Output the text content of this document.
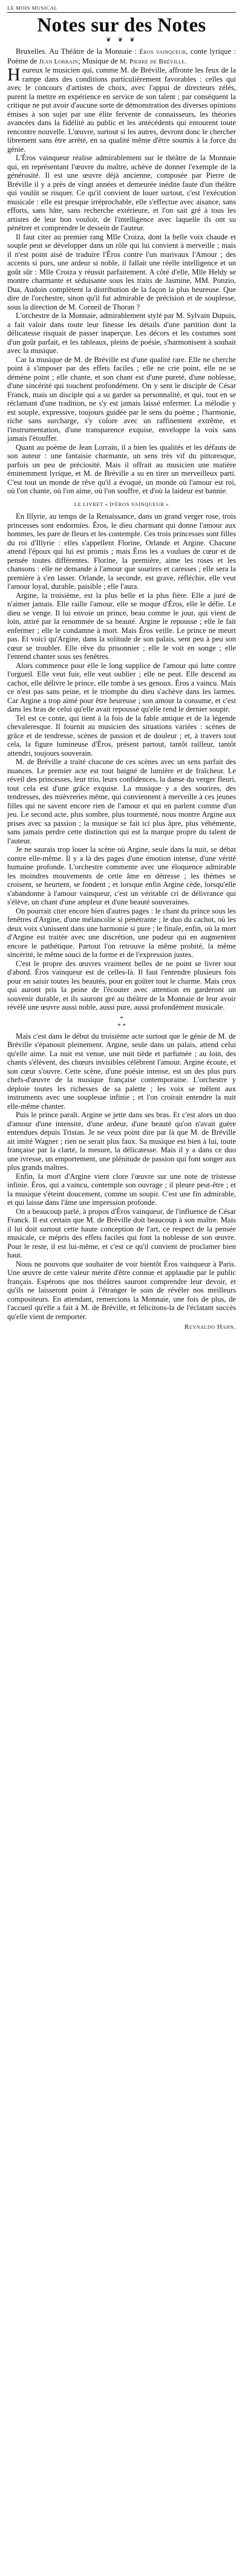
LE MOIS MUSICAL
Notes sur des Notes
❦ ❦ ❦

Bruxelles. Au Théâtre de la Monnaie : Éros vainqueur, conte lyrique : Poème de Jean Lorrain; Musique de M. Pierre de Bréville.

Heureux le musicien qui, comme M. de Bréville, affronte les feux de la rampe dans des conditions particulièrement favorables : celles qui avec le concours d'artistes de choix, avec l'appui de directeurs zélés, purent la mettre en expérience en service de son talent ; par conséquent la critique ne put avoir d'aucune sorte de démonstration des diverses opinions émises à son sujet par une élite fervente de connaisseurs, les théories avancées dans la fidélité au public et les antécédents qui entourent toute rencontre nouvelle. L'œuvre, surtout si les autres, devront donc le chercher librement sans être arrêté, en sa qualité même d'être soumis à la force du génie.

L'Éros vainqueur réalise admirablement sur le théâtre de la Monnaie qui, en représentant l'œuvre du maître, achève de donner l'exemple de la générosité. Il est une œuvre déjà ancienne, composée par Pierre de Bréville il y a près de vingt années et demeurée inédite faute d'un théâtre qui voulût se risquer. Ce qu'il convient de louer surtout, c'est l'exécution musicale : elle est presque irréprochable, elle s'effectue avec aisance, sans efforts, sans hâte, sans recherche extérieure, et l'on sait gré à tous les artistes de leur bon vouloir, de l'intelligence avec laquelle ils ont su pénétrer et comprendre le dessein de l'auteur.

Il faut citer au premier rang Mlle Croiza, dont la belle voix chaude et souple peut se développer dans un rôle qui lui convient à merveille ; mais il n'est point aisé de traduire l'Éros contre l'un marivaux l'Amour ; des accents si purs, une ardeur si noble, il fallait une réelle intelligence et un goût sûr : Mlle Croiza y réussit parfaitement. A côté d'elle, Mlle Heldy se montre charmante et séduisante sous les traits de Jasmine, MM. Ponzio, Dua, Audoin complètent la distribution de la façon la plus heureuse. Que dire de l'orchestre, sinon qu'il fut admirable de précision et de souplesse, sous la direction de M. Corneil de Thoran ?

L'orchestre de la Monnaie, admirablement stylé par M. Sylvain Dupuis, a fait valoir dans toute leur finesse les détails d'une partition dont la délicatesse risquait de passer inaperçue. Les décors et les costumes sont d'un goût parfait, et les tableaux, pleins de poésie, s'harmonisent à souhait avec la musique.

Car la musique de M. de Bréville est d'une qualité rare. Elle ne cherche point à s'imposer par des effets faciles ; elle ne crie point, elle ne se démène point ; elle chante, et son chant est d'une pureté, d'une noblesse, d'une sincérité qui touchent profondément. On y sent le disciple de César Franck, mais un disciple qui a su garder sa personnalité, et qui, tout en se réclamant d'une tradition, ne s'y est jamais laissé enfermer. La mélodie y est souple, expressive, toujours guidée par le sens du poème ; l'harmonie, riche sans surcharge, s'y colore avec un raffinement extrême, et l'instrumentation, d'une transparence exquise, enveloppe la voix sans jamais l'étouffer.

Quant au poème de Jean Lorrain, il a bien les qualités et les défauts de son auteur : une fantaisie charmante, un sens très vif du pittoresque, parfois un peu de préciosité. Mais il offrait au musicien une matière éminemment lyrique, et M. de Bréville a su en tirer un merveilleux parti. C'est tout un monde de rêve qu'il a évoqué, un monde où l'amour est roi, où l'on chante, où l'on aime, où l'on souffre, et d'où la laideur est bannie.

LE LIVRET « D'ÉROS VAINQUEUR »

En Illyrie, au temps de la Renaissance, dans un grand verger rose, trois princesses sont endormies. Éros, le dieu charmant qui donne l'amour aux hommes, les pare de fleurs et les contemple. Ces trois princesses sont filles du roi d'Illyrie : elles s'appellent Florine, Orlande et Argine. Chacune attend l'époux qui lui est promis ; mais Éros les a voulues de cœur et de pensée toutes différentes. Florine, la première, aime les roses et les chansons : elle ne demande à l'amour que sourires et caresses ; elle sera la première à s'en lasser. Orlande, la seconde, est grave, réfléchie, elle veut l'amour loyal, durable, paisible ; elle l'aura.

Argine, la troisième, est la plus belle et la plus fière. Elle a juré de n'aimer jamais. Elle raille l'amour, elle se moque d'Éros, elle le défie. Le dieu se venge. Il lui envoie un prince, beau comme le jour, qui vient de loin, attiré par la renommée de sa beauté. Argine le repousse ; elle le fait enfermer ; elle le condamne à mort. Mais Éros veille. Le prince ne meurt pas. Et voici qu'Argine, dans la solitude de son palais, sent peu à peu son cœur se troubler. Elle rêve du prisonnier ; elle le voit en songe ; elle l'entend chanter sous ses fenêtres.

Alors commence pour elle le long supplice de l'amour qui lutte contre l'orgueil. Elle veut fuir, elle veut oublier ; elle ne peut. Elle descend au cachot, elle délivre le prince, elle tombe à ses genoux. Éros a vaincu. Mais ce n'est pas sans peine, et le triomphe du dieu s'achève dans les larmes. Car Argine a trop aimé pour être heureuse ; son amour la consume, et c'est dans les bras de celui qu'elle avait repoussé qu'elle rend le dernier soupir.

Tel est ce conte, qui tient à la fois de la fable antique et de la légende chevaleresque. Il fournit au musicien des situations variées : scènes de grâce et de tendresse, scènes de passion et de douleur ; et, à travers tout cela, la figure lumineuse d'Éros, présent partout, tantôt railleur, tantôt attendri, toujours souverain.

M. de Bréville a traité chacune de ces scènes avec un sens parfait des nuances. Le premier acte est tout baigné de lumière et de fraîcheur. Le réveil des princesses, leur trio, leurs confidences, la danse du verger fleuri, tout cela est d'une grâce exquise. La musique y a des sourires, des tendresses, des mièvreries même, qui conviennent à merveille à ces jeunes filles qui ne savent encore rien de l'amour et qui en parlent comme d'un jeu. Le second acte, plus sombre, plus tourmenté, nous montre Argine aux prises avec sa passion ; la musique se fait ici plus âpre, plus véhémente, sans jamais perdre cette distinction qui est la marque propre du talent de l'auteur.

Je ne saurais trop louer la scène où Argine, seule dans la nuit, se débat contre elle-même. Il y a là des pages d'une émotion intense, d'une vérité humaine profonde. L'orchestre commente avec une éloquence admirable les moindres mouvements de cette âme en détresse ; les thèmes se croisent, se heurtent, se fondent ; et lorsque enfin Argine cède, lorsqu'elle s'abandonne à l'amour vainqueur, c'est un véritable cri de délivrance qui s'élève, un chant d'une ampleur et d'une beauté souveraines.

On pourrait citer encore bien d'autres pages : le chant du prince sous les fenêtres d'Argine, d'une mélancolie si pénétrante ; le duo du cachot, où les deux voix s'unissent dans une harmonie si pure ; le finale, enfin, où la mort d'Argine est traitée avec une discrétion, une pudeur qui en augmentent encore le pathétique. Partout l'on retrouve la même probité, la même sincérité, le même souci de la forme et de l'expression justes.

C'est le propre des œuvres vraiment belles de ne point se livrer tout d'abord. Éros vainqueur est de celles-là. Il faut l'entendre plusieurs fois pour en saisir toutes les beautés, pour en goûter tout le charme. Mais ceux qui auront pris la peine de l'écouter avec attention en garderont un souvenir durable, et ils sauront gré au théâtre de la Monnaie de leur avoir révélé une œuvre aussi noble, aussi pure, aussi profondément musicale.

*
* *

Mais c'est dans le début du troisième acte surtout que le génie de M. de Bréville s'épanouit pleinement. Argine, seule dans un palais, attend celui qu'elle aime. La nuit est venue, une nuit tiède et parfumée ; au loin, des chants s'élèvent, des chœurs invisibles célèbrent l'amour. Argine écoute, et son cœur s'ouvre. Cette scène, d'une poésie intense, est un des plus purs chefs-d'œuvre de la musique française contemporaine. L'orchestre y déploie toutes les richesses de sa palette ; les voix se mêlent aux instruments avec une souplesse infinie ; et l'on croirait entendre la nuit elle-même chanter.

Puis le prince paraît. Argine se jette dans ses bras. Et c'est alors un duo d'amour d'une intensité, d'une ardeur, d'une beauté qu'on n'avait guère entendues depuis Tristan. Je ne veux point dire par là que M. de Bréville ait imité Wagner ; rien ne serait plus faux. Sa musique est bien à lui, toute française par la clarté, la mesure, la délicatesse. Mais il y a dans ce duo une ivresse, un emportement, une plénitude de passion qui font songer aux plus grands maîtres.

Enfin, la mort d'Argine vient clore l'œuvre sur une note de tristesse infinie. Éros, qui a vaincu, contemple son ouvrage ; il pleure peut-être ; et la musique s'éteint doucement, comme un soupir. C'est une fin admirable, et qui laisse dans l'âme une impression profonde.

On a beaucoup parlé, à propos d'Éros vainqueur, de l'influence de César Franck. Il est certain que M. de Bréville doit beaucoup à son maître. Mais il lui doit surtout cette haute conception de l'art, ce respect de la pensée musicale, ce mépris des effets faciles qui font la noblesse de son œuvre. Pour le reste, il est lui-même, et c'est ce qu'il convient de proclamer bien haut.

Nous ne pouvons que souhaiter de voir bientôt Éros vainqueur à Paris. Une œuvre de cette valeur mérite d'être connue et applaudie par le public français. Espérons que nos théâtres sauront comprendre leur devoir, et qu'ils ne laisseront point à l'étranger le soin de révéler nos meilleurs compositeurs. En attendant, remercions la Monnaie, une fois de plus, de l'accueil qu'elle a fait à M. de Bréville, et félicitons-la de l'éclatant succès qu'elle vient de remporter.

Reynaldo Hahn.
